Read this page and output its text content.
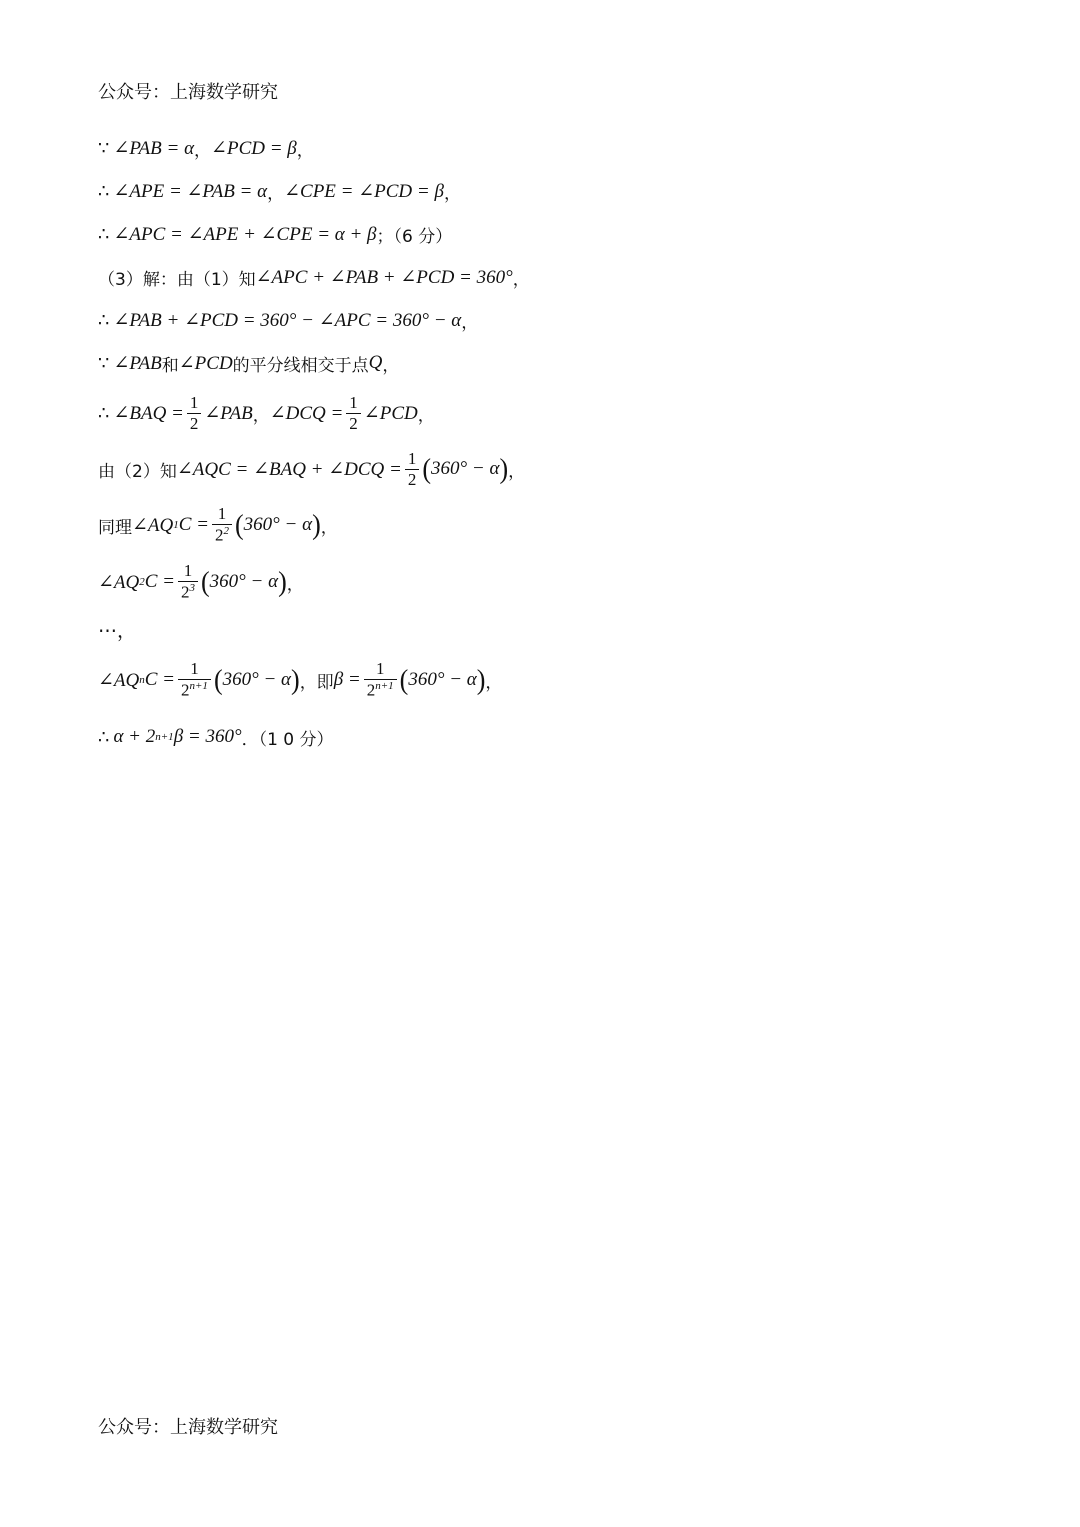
公众号：上海数学研究
∵ ∠PAB = α ， ∠PCD = β ，
∴ ∠APE = ∠PAB = α ， ∠CPE = ∠PCD = β ，
∴ ∠APC = ∠APE + ∠CPE = α + β ；（6 分）
（3）解：由（1）知 ∠APC + ∠PAB + ∠PCD = 360° ，
∴ ∠PAB + ∠PCD = 360° − ∠APC = 360° − α ，
∵ ∠PAB 和 ∠PCD 的平分线相交于点 Q ，
∴ ∠BAQ = $\frac{1}{2}$ ∠PAB ， ∠DCQ = $\frac{1}{2}$ ∠PCD ，
由（2）知 ∠AQC = ∠BAQ + ∠DCQ = $\frac{1}{2}$ ( 360° − α ) ，
同理 ∠AQ 1 $C = \frac{1}{2^2}$ ( 360° − α ) ，
∠AQ 2 $C = \frac{1}{2^3}$ ( 360° − α ) ，
⋯，
∠AQ n $C = \frac{1}{2^{n+1}}$ ( 360° − α ) ，即 $\beta = \frac{1}{2^{n+1}}$ ( 360° − α ) ，
∴ α + 2 n+1 β = 360° ．（1 0 分）
公众号：上海数学研究
